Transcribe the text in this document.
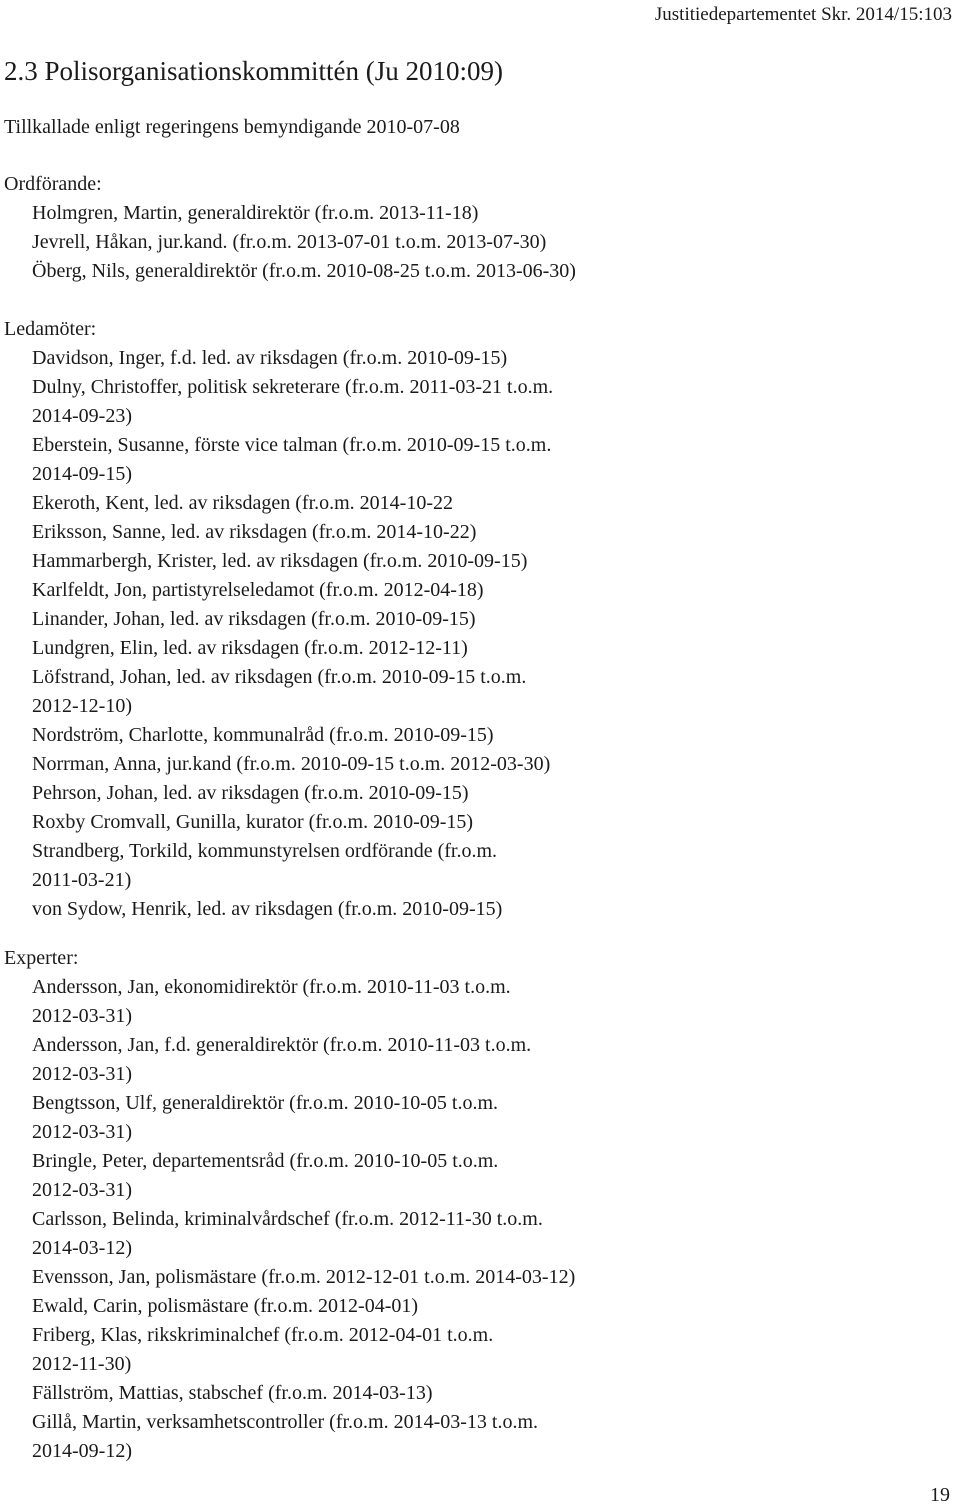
Justitiedepartementet Skr. 2014/15:103
2.3 Polisorganisationskommittén (Ju 2010:09)
Tillkallade enligt regeringens bemyndigande 2010-07-08
Ordförande:
Holmgren, Martin, generaldirektör (fr.o.m. 2013-11-18)
Jevrell, Håkan, jur.kand. (fr.o.m. 2013-07-01 t.o.m. 2013-07-30)
Öberg, Nils, generaldirektör (fr.o.m. 2010-08-25 t.o.m. 2013-06-30)
Ledamöter:
Davidson, Inger, f.d. led. av riksdagen (fr.o.m. 2010-09-15)
Dulny, Christoffer, politisk sekreterare (fr.o.m. 2011-03-21 t.o.m.
2014-09-23)
Eberstein, Susanne, förste vice talman (fr.o.m. 2010-09-15 t.o.m.
2014-09-15)
Ekeroth, Kent, led. av riksdagen (fr.o.m. 2014-10-22
Eriksson, Sanne, led. av riksdagen (fr.o.m. 2014-10-22)
Hammarbergh, Krister, led. av riksdagen (fr.o.m. 2010-09-15)
Karlfeldt, Jon, partistyrelseledamot (fr.o.m. 2012-04-18)
Linander, Johan, led. av riksdagen (fr.o.m. 2010-09-15)
Lundgren, Elin, led. av riksdagen (fr.o.m. 2012-12-11)
Löfstrand, Johan, led. av riksdagen (fr.o.m. 2010-09-15 t.o.m.
2012-12-10)
Nordström, Charlotte, kommunalråd (fr.o.m. 2010-09-15)
Norrman, Anna, jur.kand (fr.o.m. 2010-09-15 t.o.m. 2012-03-30)
Pehrson, Johan, led. av riksdagen (fr.o.m. 2010-09-15)
Roxby Cromvall, Gunilla, kurator (fr.o.m. 2010-09-15)
Strandberg, Torkild, kommunstyrelsen ordförande (fr.o.m.
2011-03-21)
von Sydow, Henrik, led. av riksdagen (fr.o.m. 2010-09-15)
Experter:
Andersson, Jan, ekonomidirektör (fr.o.m. 2010-11-03 t.o.m.
2012-03-31)
Andersson, Jan, f.d. generaldirektör (fr.o.m. 2010-11-03 t.o.m.
2012-03-31)
Bengtsson, Ulf, generaldirektör (fr.o.m. 2010-10-05 t.o.m.
2012-03-31)
Bringle, Peter, departementsråd (fr.o.m. 2010-10-05 t.o.m.
2012-03-31)
Carlsson, Belinda, kriminalvårdschef (fr.o.m. 2012-11-30 t.o.m.
2014-03-12)
Evensson, Jan, polismästare (fr.o.m. 2012-12-01 t.o.m. 2014-03-12)
Ewald, Carin, polismästare (fr.o.m. 2012-04-01)
Friberg, Klas, rikskriminalchef (fr.o.m. 2012-04-01 t.o.m.
2012-11-30)
Fällström, Mattias, stabschef (fr.o.m. 2014-03-13)
Gillå, Martin, verksamhetscontroller (fr.o.m. 2014-03-13 t.o.m.
2014-09-12)
19
